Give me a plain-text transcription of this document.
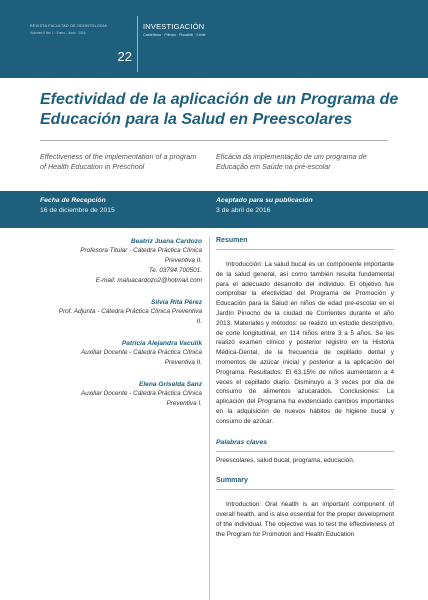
REVISTA FACULTAD DE ODONTOLOGÍA
Volumen 9 Nro 1 · Enero - Junio · 2016
22
INVESTIGACIÓN
Castellano · Pilman · Rosalidi · Smile
Efectividad de la aplicación de un Programa de Educación para la Salud en Preescolares
Effectiveness of the implementation of a program of Health Education in Preschool
Eficácia da implementação de um programa de Educação em Saúde na pré-escolar
Fecha de Recepción
16 de diciembre de 2015
Aceptado para su publicación
3 de abril de 2016
Beatriz Juana Cardozo
Profesora Titular - Cátedra Práctica Clínica
Preventiva II.
Te. 03794.700501.
E-mail: maluacardozo2@hotmail.com
Silvia Rita Pérez
Prof. Adjunta - Cátedra Práctica Clínica Preventiva
II.
Patricia Alejandra Vaculik
Auxiliar Docente - Cátedra Práctica Clínica
Preventiva II.
Elena Griselda Sanz
Auxiliar Docente - Cátedra Práctica Clínica
Preventiva I.
Resumen

Introducción: La salud bucal es un componente importante de la salud general, así como también resulta fundamental para el adecuado desarrollo del individuo. El objetivo fue comprobar la efectividad del Programa de Promoción y Educación para la Salud en niños de edad pre-escolar en el Jardín Pinocho de la ciudad de Corrientes durante el año 2013. Materiales y métodos: se realizó un estudio descriptivo, de corte longitudinal, en 114 niños entre 3 a 5 años. Se les realizó examen clínico y posterior registro en la Historia Médica-Dental, de la frecuencia de cepillado dental y momentos de azúcar inicial y posterior a la aplicación del Programa. Resultados: El 63,15% de niños aumentaron a 4 veces el cepillado diario. Disminuyo a 3 veces por día de consumo de alimentos azucarados. Conclusiones: La aplicación del Programa ha evidenciado cambios importantes en la adquisición de nuevos hábitos de higiene bucal y consumo de azúcar.

Palabras claves

Preescolares, salud bucal, programa, educación.

Summary

Introduction: Oral health is an important component of overall health, and is also essential for the proper development of the individual. The objective was to test the effectiveness of the Program for Promotion and Health Education
